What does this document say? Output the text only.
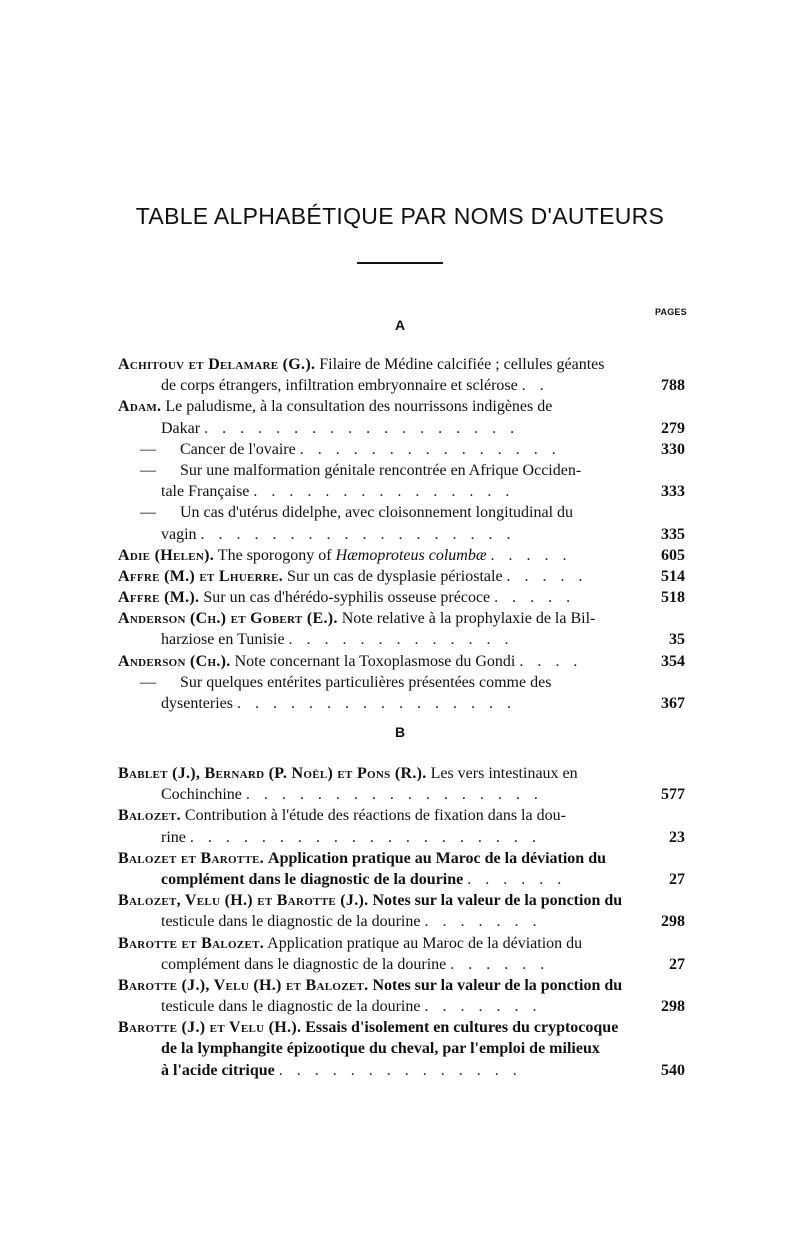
TABLE ALPHABÉTIQUE PAR NOMS D'AUTEURS
PAGES
A
Achitouv et Delamare (G.). Filaire de Médine calcifiée ; cellules géantes
de corps étrangers, infiltration embryonnaire et sclérose . .	788
Adam. Le paludisme, à la consultation des nourrissons indigènes de
Dakar . . . . . . . . . . . . . . . . . .	279
— Cancer de l'ovaire . . . . . . . . . . . . . . .	330
— Sur une malformation génitale rencontrée en Afrique Occiden-
tale Française . . . . . . . . . . . . . . .	333
— Un cas d'utérus didelphe, avec cloisonnement longitudinal du
vagin . . . . . . . . . . . . . . . . . .	335
Adie (Helen). The sporogony of Hæmoproteus columbæ . . . . .	605
Affre (M.) et Lhuerre. Sur un cas de dysplasie périostale . . . . .	514
Affre (M.). Sur un cas d'hérédo-syphilis osseuse précoce . . . . .	518
Anderson (Ch.) et Gobert (E.). Note relative à la prophylaxie de la Bil-
harziose en Tunisie . . . . . . . . . . . . .	35
Anderson (Ch.). Note concernant la Toxoplasmose du Gondi . . . .	354
— Sur quelques entérites particulières présentées comme des
dysenteries . . . . . . . . . . . . . . . .	367
B
Bablet (J.), Bernard (P. Noël) et Pons (R.). Les vers intestinaux en
Cochinchine . . . . . . . . . . . . . . . . .	577
Balozet. Contribution à l'étude des réactions de fixation dans la dou-
rine . . . . . . . . . . . . . . . . . . . .	23
Balozet et Barotte. Application pratique au Maroc de la déviation du
complément dans le diagnostic de la dourine . . . . . .	27
Balozet, Velu (H.) et Barotte (J.). Notes sur la valeur de la ponction du
testicule dans le diagnostic de la dourine . . . . . . .	298
Barotte et Balozet. Application pratique au Maroc de la déviation du
complément dans le diagnostic de la dourine . . . . . .	27
Barotte (J.), Velu (H.) et Balozet. Notes sur la valeur de la ponction du
testicule dans le diagnostic de la dourine . . . . . . .	298
Barotte (J.) et Velu (H.). Essais d'isolement en cultures du cryptocoque
de la lymphangite épizootique du cheval, par l'emploi de milieux
à l'acide citrique . . . . . . . . . . . . . .	540
